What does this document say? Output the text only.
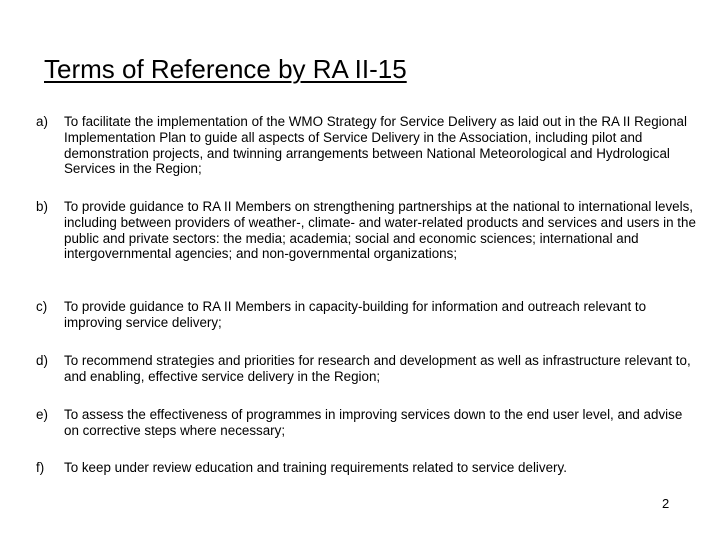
Terms of Reference by RA II-15
a)	To facilitate the implementation of the WMO Strategy for Service Delivery as laid out in the RA II Regional Implementation Plan to guide all aspects of Service Delivery in the Association, including pilot and demonstration projects, and twinning arrangements between National Meteorological and Hydrological Services in the Region;
b)	To provide guidance to RA II Members on strengthening partnerships at the national to international levels, including between providers of weather-, climate- and water-related products and services and users in the public and private sectors: the media; academia; social and economic sciences; international and intergovernmental agencies; and non-governmental organizations;
c)	To provide guidance to RA II Members in capacity-building for information and outreach relevant to improving service delivery;
d)	To recommend strategies and priorities for research and development as well as infrastructure relevant to, and enabling, effective service delivery in the Region;
e)	To assess the effectiveness of programmes in improving services down to the end user level, and advise on corrective steps where necessary;
f)	To keep under review education and training requirements related to service delivery.
2
